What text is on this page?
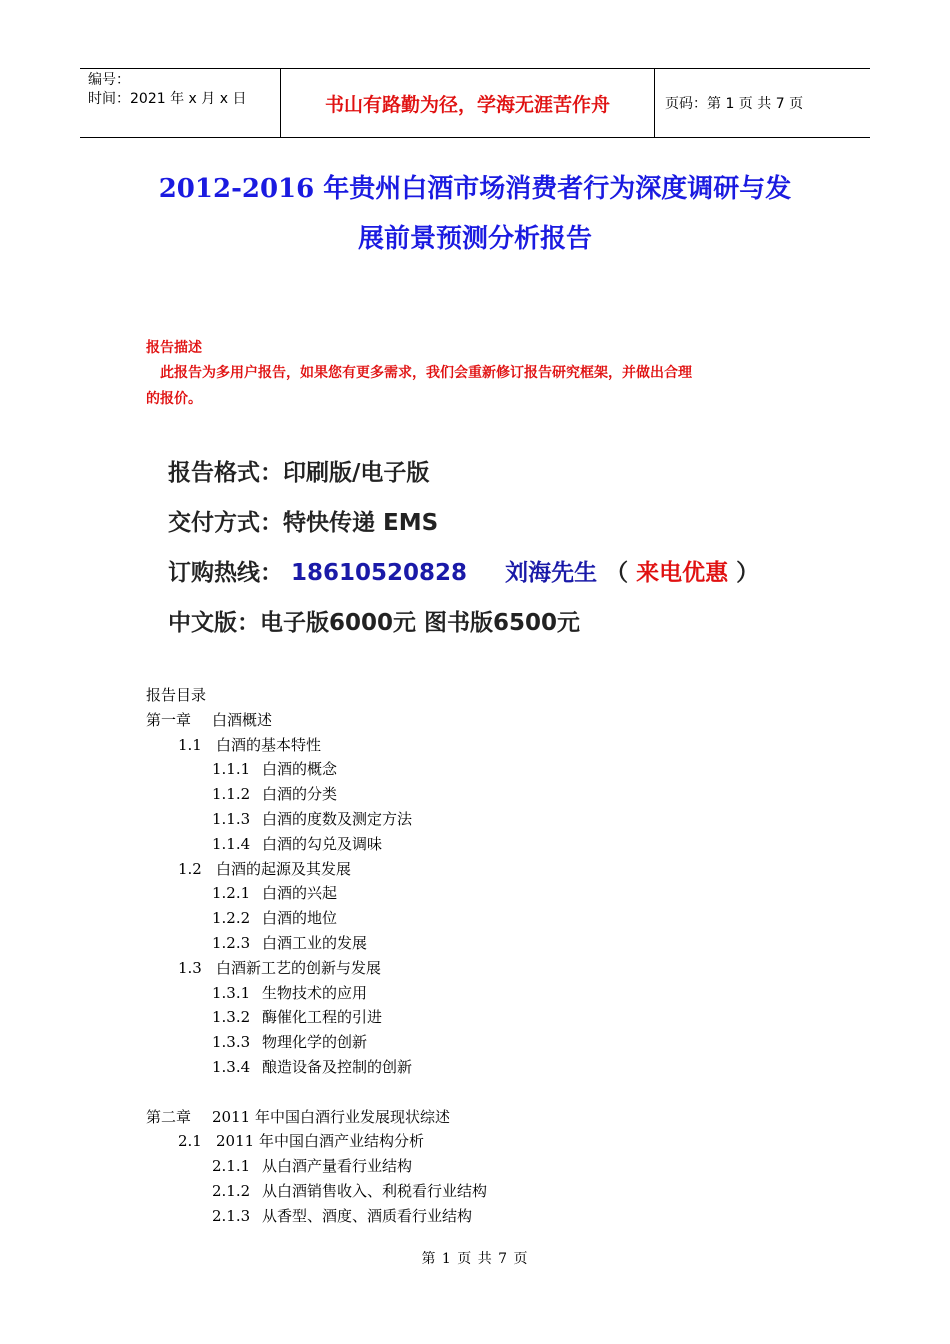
编号：
时间：2021 年 x 月 x 日	书山有路勤为径，学海无涯苦作舟	页码：第 1 页 共 7 页
2012-2016 年贵州白酒市场消费者行为深度调研与发
展前景预测分析报告
报告描述
此报告为多用户报告，如果您有更多需求，我们会重新修订报告研究框架，并做出合理
的报价。
报告格式：印刷版/电子版
交付方式：特快传递 EMS
订购热线： 18610520828 刘海先生 （ 来电优惠 ）
中文版：电子版6000元 图书版6500元
报告目录
第一章 白酒概述
1.1 白酒的基本特性
1.1.1 白酒的概念
1.1.2 白酒的分类
1.1.3 白酒的度数及测定方法
1.1.4 白酒的勾兑及调味
1.2 白酒的起源及其发展
1.2.1 白酒的兴起
1.2.2 白酒的地位
1.2.3 白酒工业的发展
1.3 白酒新工艺的创新与发展
1.3.1 生物技术的应用
1.3.2 酶催化工程的引进
1.3.3 物理化学的创新
1.3.4 酿造设备及控制的创新
第二章 2011 年中国白酒行业发展现状综述
2.1 2011 年中国白酒产业结构分析
2.1.1 从白酒产量看行业结构
2.1.2 从白酒销售收入、利税看行业结构
2.1.3 从香型、酒度、酒质看行业结构
第 1 页 共 7 页
